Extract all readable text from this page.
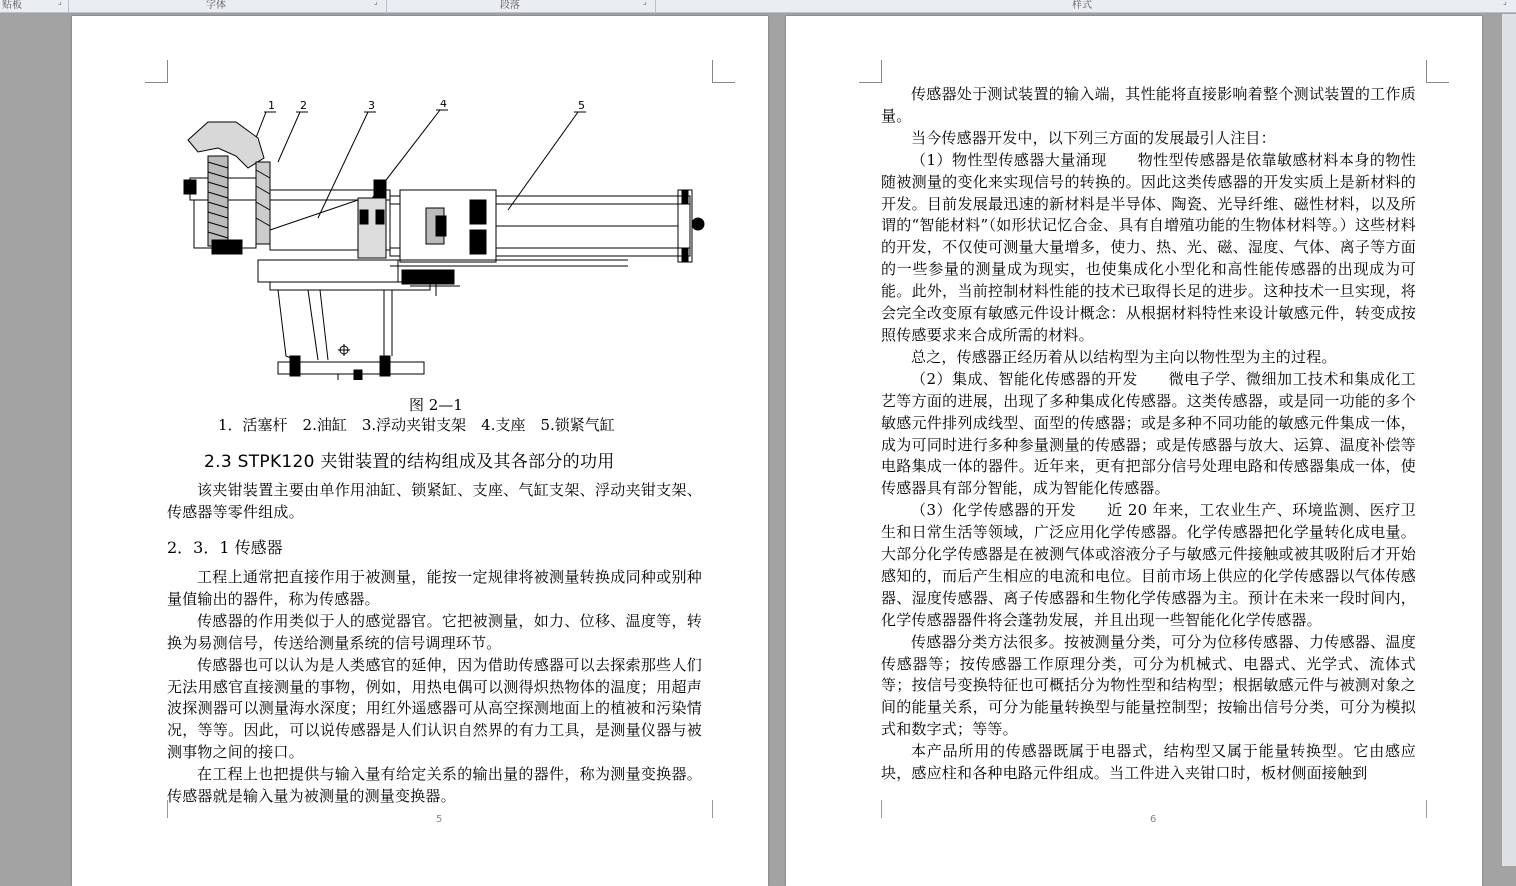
贴板	⌟	字体	⌟	段落	⌟	样式	⌟
1 2	3	4	5
图 2—1
1．活塞杆　2.油缸　3.浮动夹钳支架　4.支座　5.锁紧气缸
2.3 STPK120 夹钳装置的结构组成及其各部分的功用

该夹钳装置主要由单作用油缸、锁紧缸、支座、气缸支架、浮动夹钳支架、传感器等零件组成。

2．3．1 传感器

工程上通常把直接作用于被测量，能按一定规律将被测量转换成同种或别种量值输出的器件，称为传感器。

传感器的作用类似于人的感觉器官。它把被测量，如力、位移、温度等，转换为易测信号，传送给测量系统的信号调理环节。

传感器也可以认为是人类感官的延伸，因为借助传感器可以去探索那些人们无法用感官直接测量的事物，例如，用热电偶可以测得炽热物体的温度；用超声波探测器可以测量海水深度；用红外遥感器可从高空探测地面上的植被和污染情况，等等。因此，可以说传感器是人们认识自然界的有力工具，是测量仪器与被测事物之间的接口。

在工程上也把提供与输入量有给定关系的输出量的器件，称为测量变换器。传感器就是输入量为被测量的测量变换器。

5

传感器处于测试装置的输入端，其性能将直接影响着整个测试装置的工作质量。

当今传感器开发中，以下列三方面的发展最引人注目：

（1）物性型传感器大量涌现　　物性型传感器是依靠敏感材料本身的物性随被测量的变化来实现信号的转换的。因此这类传感器的开发实质上是新材料的开发。目前发展最迅速的新材料是半导体、陶瓷、光导纤维、磁性材料，以及所谓的“智能材料”（如形状记忆合金、具有自增殖功能的生物体材料等。）这些材料的开发，不仅使可测量大量增多，使力、热、光、磁、湿度、气体、离子等方面的一些参量的测量成为现实，也使集成化小型化和高性能传感器的出现成为可能。此外，当前控制材料性能的技术已取得长足的进步。这种技术一旦实现，将会完全改变原有敏感元件设计概念：从根据材料特性来设计敏感元件，转变成按照传感要求来合成所需的材料。

总之，传感器正经历着从以结构型为主向以物性型为主的过程。

（2）集成、智能化传感器的开发　　微电子学、微细加工技术和集成化工艺等方面的进展，出现了多种集成化传感器。这类传感器，或是同一功能的多个敏感元件排列成线型、面型的传感器；或是多种不同功能的敏感元件集成一体，成为可同时进行多种参量测量的传感器；或是传感器与放大、运算、温度补偿等电路集成一体的器件。近年来，更有把部分信号处理电路和传感器集成一体，使传感器具有部分智能，成为智能化传感器。

（3）化学传感器的开发　　近 20 年来，工农业生产、环境监测、医疗卫生和日常生活等领域，广泛应用化学传感器。化学传感器把化学量转化成电量。大部分化学传感器是在被测气体或溶液分子与敏感元件接触或被其吸附后才开始感知的，而后产生相应的电流和电位。目前市场上供应的化学传感器以气体传感器、湿度传感器、离子传感器和生物化学传感器为主。预计在未来一段时间内，化学传感器器件将会蓬勃发展，并且出现一些智能化化学传感器。

传感器分类方法很多。按被测量分类，可分为位移传感器、力传感器、温度传感器等；按传感器工作原理分类，可分为机械式、电器式、光学式、流体式等；按信号变换特征也可概括分为物性型和结构型；根据敏感元件与被测对象之间的能量关系，可分为能量转换型与能量控制型；按输出信号分类，可分为模拟式和数字式；等等。

本产品所用的传感器既属于电器式，结构型又属于能量转换型。它由感应块，感应柱和各种电路元件组成。当工件进入夹钳口时，板材侧面接触到

6
